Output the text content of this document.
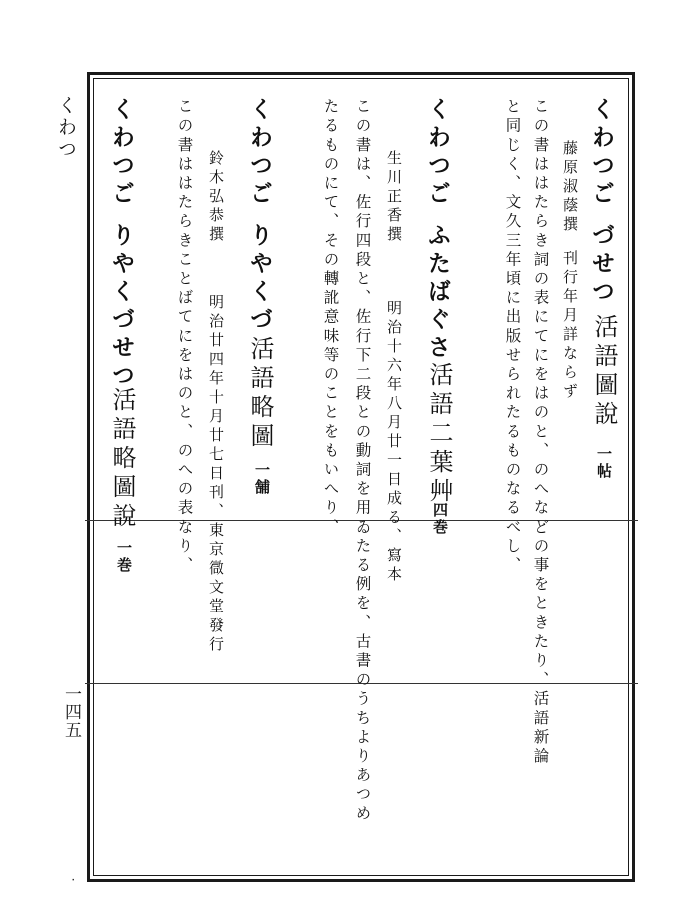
くわつ
一四五
٠
くわつごづせつ
活語圖說
一帖
藤原淑蔭撰
刊行年月詳ならず
この書ははたらき詞の表にてにをはのと、のへなどの事をときたり、活語新論
と同じく、文久三年頃に出版せられたるものなるべし、
くわつごふたばぐさ
活語二葉艸
四巻
生川正香撰
明治十六年八月廿一日成る、寫本
この書は、佐行四段と、佐行下二段との動詞を用ゐたる例を、古書のうちよりあつめ
たるものにて、その轉訛意味等のことをもいへり、
くわつごりやくづ
活語略圖
一舗
鈴木弘恭撰
明治廿四年十月廿七日刊、東京㣲文堂發行
くわつごりやくづせつ
活語略圖說
一巻	この書ははたらきことばてにをはのと、のへの表なり、
